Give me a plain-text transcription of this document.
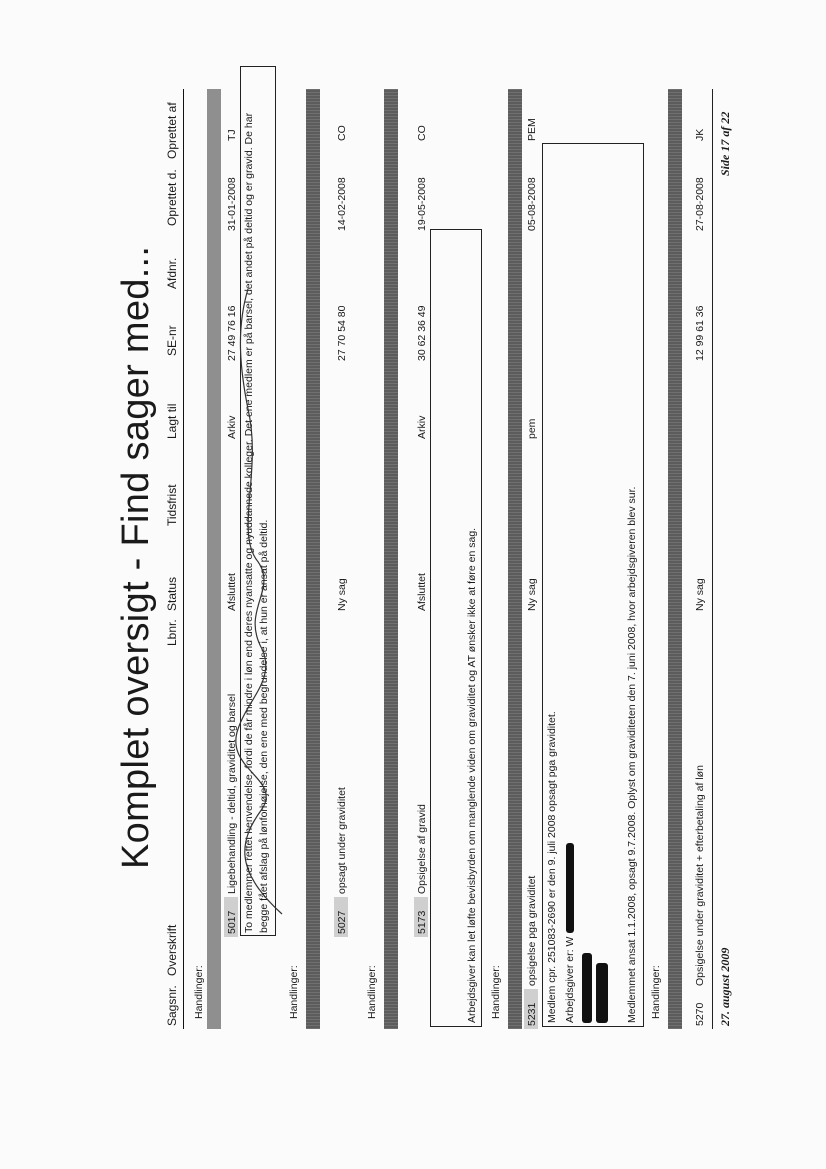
Komplet oversigt - Find sager med...
Sagsnr.
Overskrift
Lbnr.
Status
Tidsfrist
Lagt til
SE-nr
Afdnr.
Oprettet d.
Oprettet af
Handlinger:
5017
Ligebehandling - deltid, graviditet og barsel
Afsluttet
Arkiv
27 49 76 16
31-01-2008
TJ To medlemmer rettet henvendelse, fordi de får mindre i løn end deres nyansatte og nyuddannede kolleger. Det ene medlem er på barsel, det andet på deltid og er gravid. De har begge fået afslag på lønforhøjelse, den ene med begrundelse i, at hun er ansat på deltid.
Handlinger:
5027
opsagt under graviditet
Ny sag
27 70 54 80
14-02-2008
CO
Handlinger:
5173
Opsigelse af gravid
Afsluttet
Arkiv
30 62 36 49
19-05-2008
CO
Arbejdsgiver kan let løfte bevisbyrden om manglende viden om graviditet og AT ønsker ikke at føre en sag. Handlinger: 5231
opsigelse pga graviditet
Ny sag
pem
05-08-2008
PEM
Medlem cpr. 251083-2690 er den 9. juli 2008 opsagt pga graviditet. Arbejdsgiver er: W	Medlemmet ansat 1.1.2008, opsagt 9.7.2008. Oplyst om graviditeten den 7. juni 2008, hvor arbejdsgiveren blev sur. Handlinger:	5270
Opsigelse under graviditet + efterbetaling af løn
Ny sag
12 99 61 36
27-08-2008
JK
27. august 2009
Side 17 af 22
